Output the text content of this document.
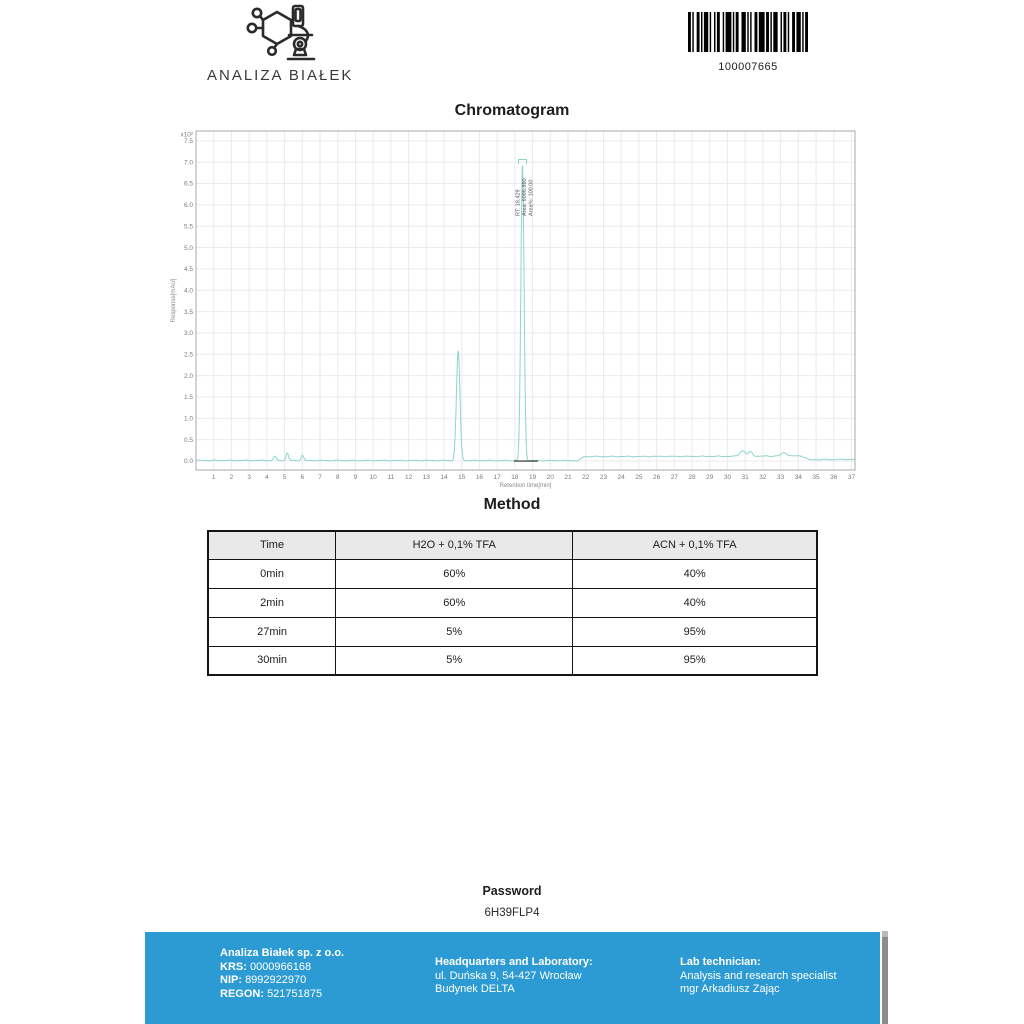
ANALIZA BIAŁEK	100007665
Chromatogram
1 2 3 4 5 6 7 8 9 10 11 12 13 14 15 16 17 18 19 20 21 22 23 24 25 26 27 28 29 30 31 32 33 34 35 36 37
0.0
0.5
1.0
1.5
2.0
2.5
3.0
3.5
4.0
4.5
5.0
5.5
6.0
6.5
7.0
7.5
x10²
RT: 18.429 Area: 6096.860 Area%: 100.00
Response[mAU]
Retention time[min]
Method
Time	H2O + 0,1% TFA	ACN + 0,1% TFA
0min	60%	40%
2min	60%	40%
27min	5%	95%
30min	5%	95%
Password
6H39FLP4
Analiza Białek sp. z o.o.
KRS: 0000966168
NIP: 8992922970
REGON: 521751875
Headquarters and Laboratory:
ul. Duńska 9, 54-427 Wrocław
Budynek DELTA
Lab technician:
Analysis and research specialist
mgr Arkadiusz Zając
